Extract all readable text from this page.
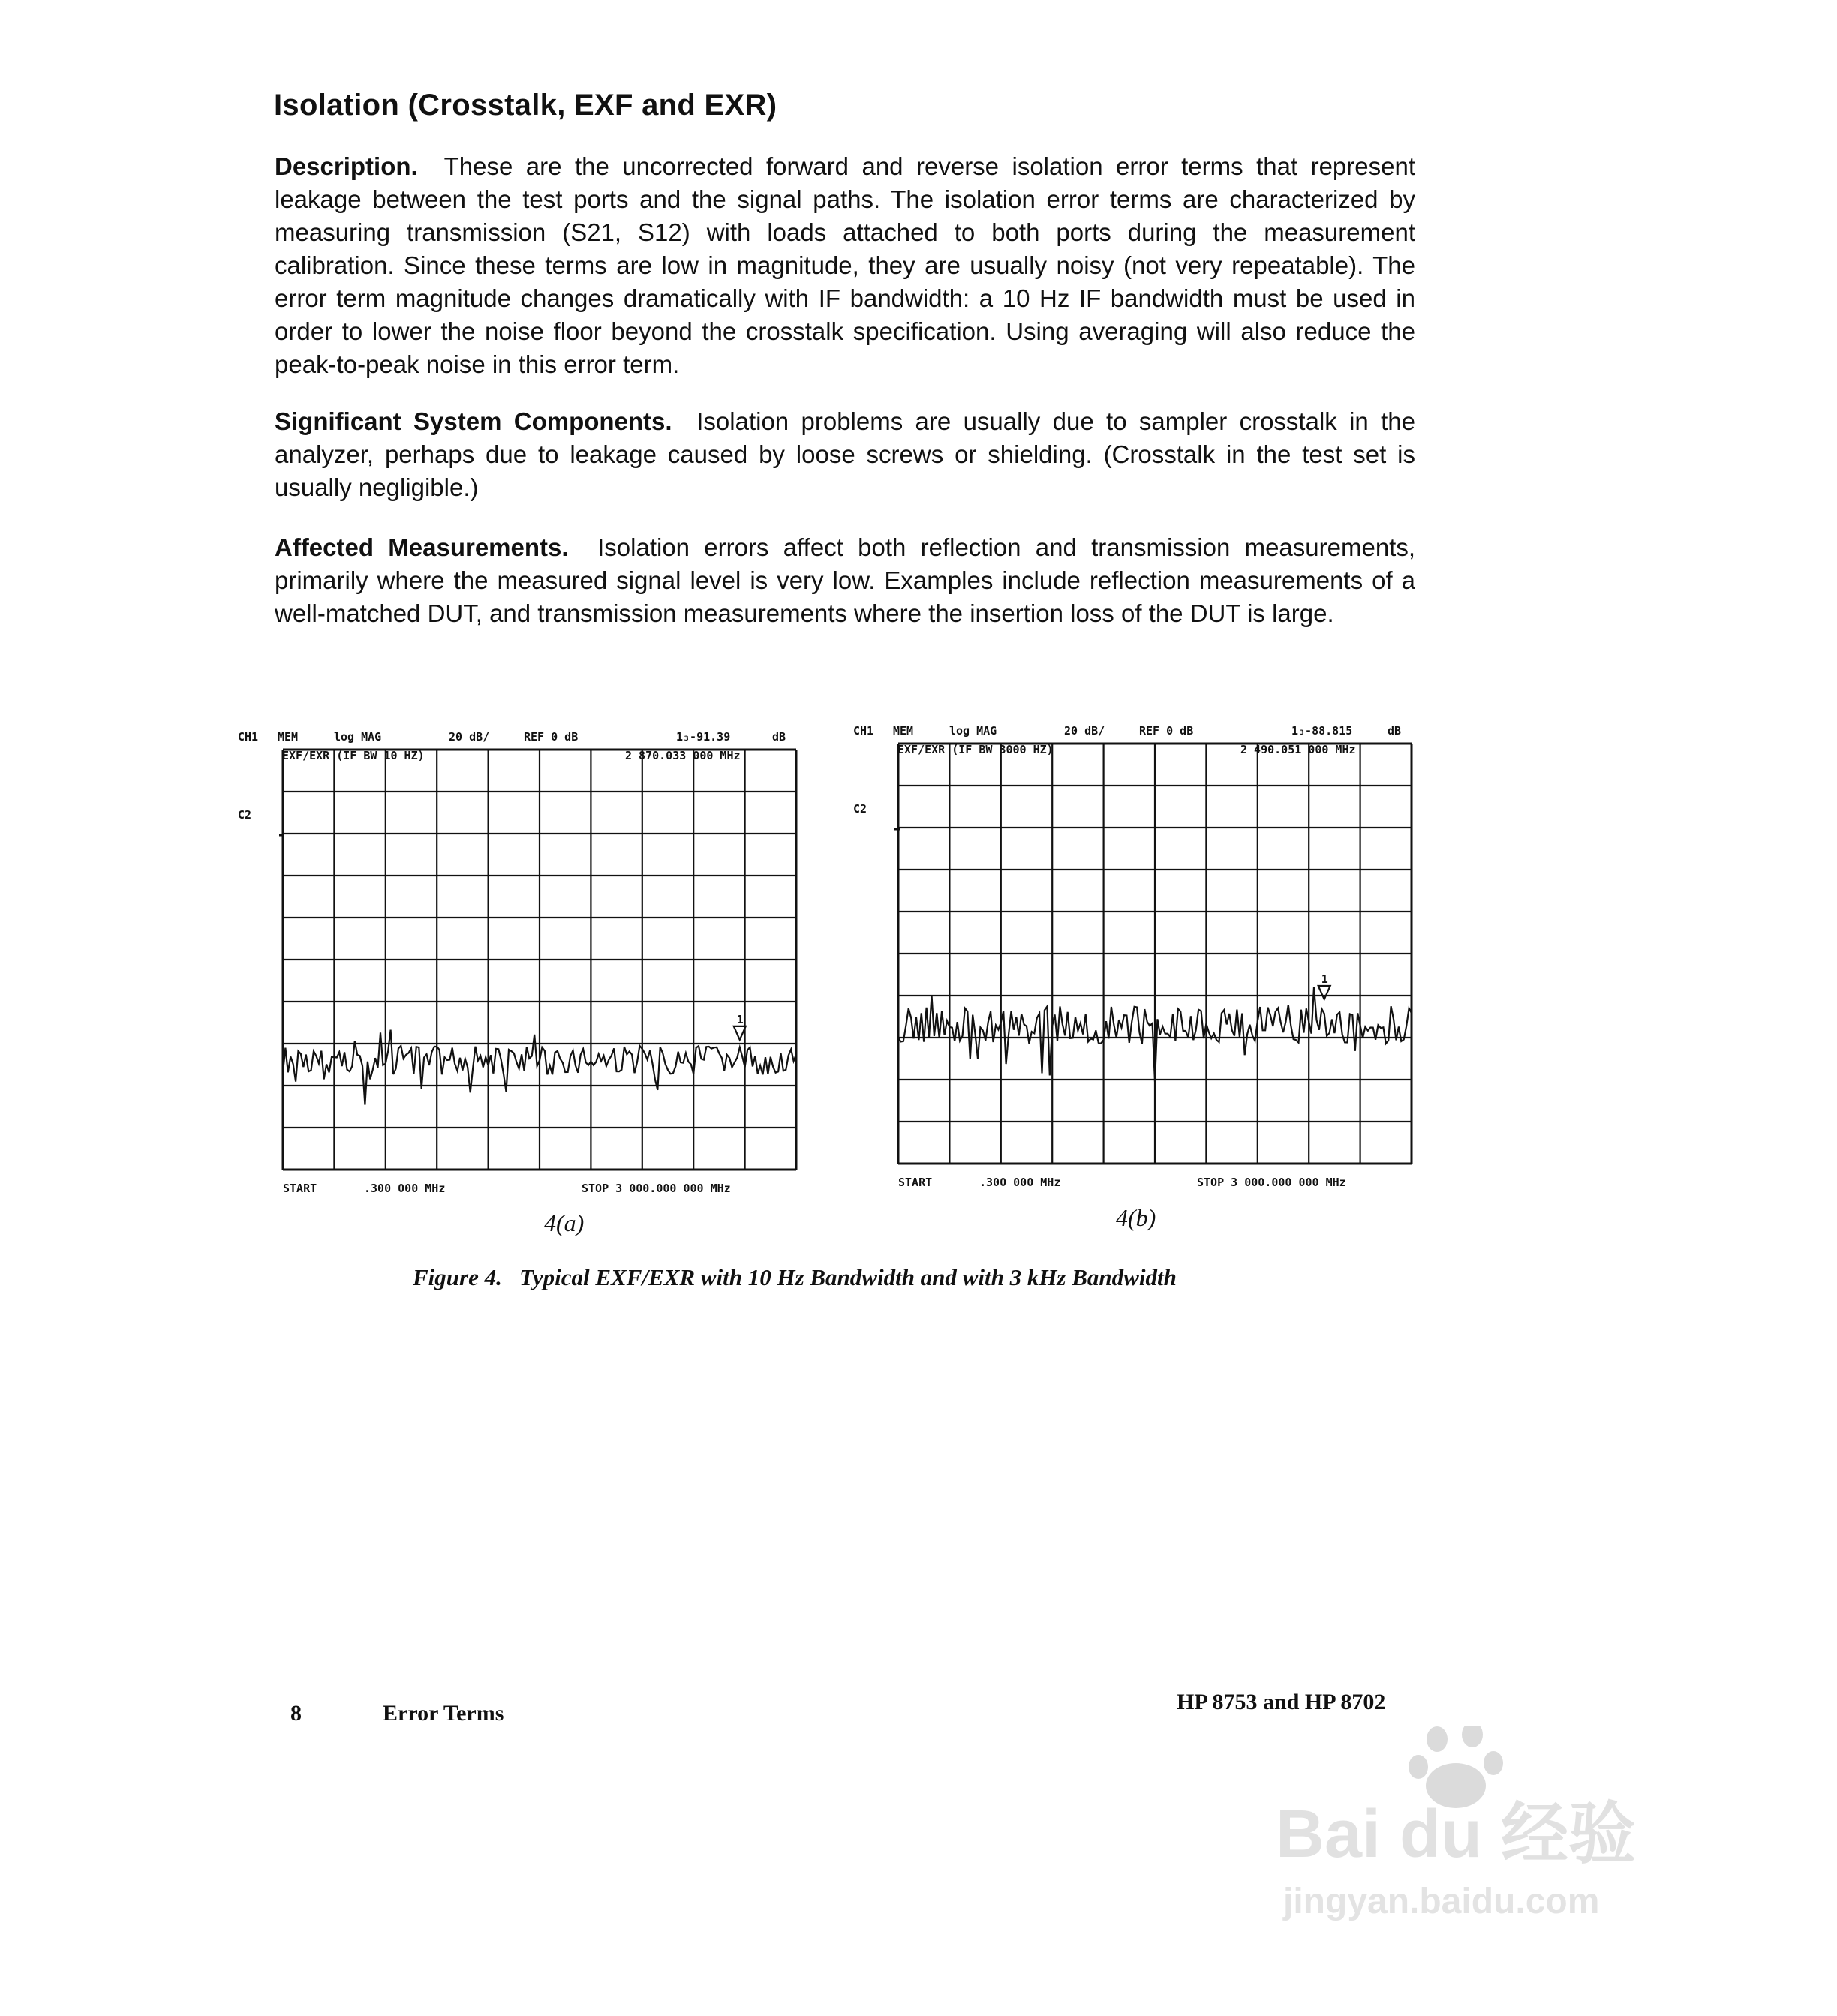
Isolation (Crosstalk, EXF and EXR)

Description. These are the uncorrected forward and reverse isolation error terms that represent leakage between the test ports and the signal paths. The isolation error terms are characterized by measuring transmission (S21, S12) with loads attached to both ports during the measurement calibration. Since these terms are low in magnitude, they are usually noisy (not very repeatable). The error term magnitude changes dramatically with IF bandwidth: a 10 Hz IF bandwidth must be used in order to lower the noise floor beyond the crosstalk specification. Using averaging will also reduce the peak-to-peak noise in this error term.

Significant System Components. Isolation problems are usually due to sampler crosstalk in the analyzer, perhaps due to leakage caused by loose screws or shielding. (Crosstalk in the test set is usually negligible.)

Affected Measurements. Isolation errors affect both reflection and transmission measurements, primarily where the measured signal level is very low. Examples include reflection measurements of a well-matched DUT, and transmission measurements where the insertion loss of the DUT is large.

CH1 MEM	log MAG	20 dB/	REF 0 dB	1₃-91.39	dB
C2
EXF/EXR (IF BW 10 HZ)	2 870.033 000 MHz
1
START	.300 000 MHz	STOP 3 000.000 000 MHz
4(a)
CH1 MEM	log MAG	20 dB/	REF 0 dB	1₃-88.815	dB
C2
EXF/EXR (IF BW 3000 HZ)	2 490.051 000 MHz
1
START	.300 000 MHz	STOP 3 000.000 000 MHz
4(b)
Figure 4.   Typical EXF/EXR with 10 Hz Bandwidth and with 3 kHz Bandwidth
8	Error Terms	HP 8753 and HP 8702
Bai du 经验
jingyan.baidu.com
